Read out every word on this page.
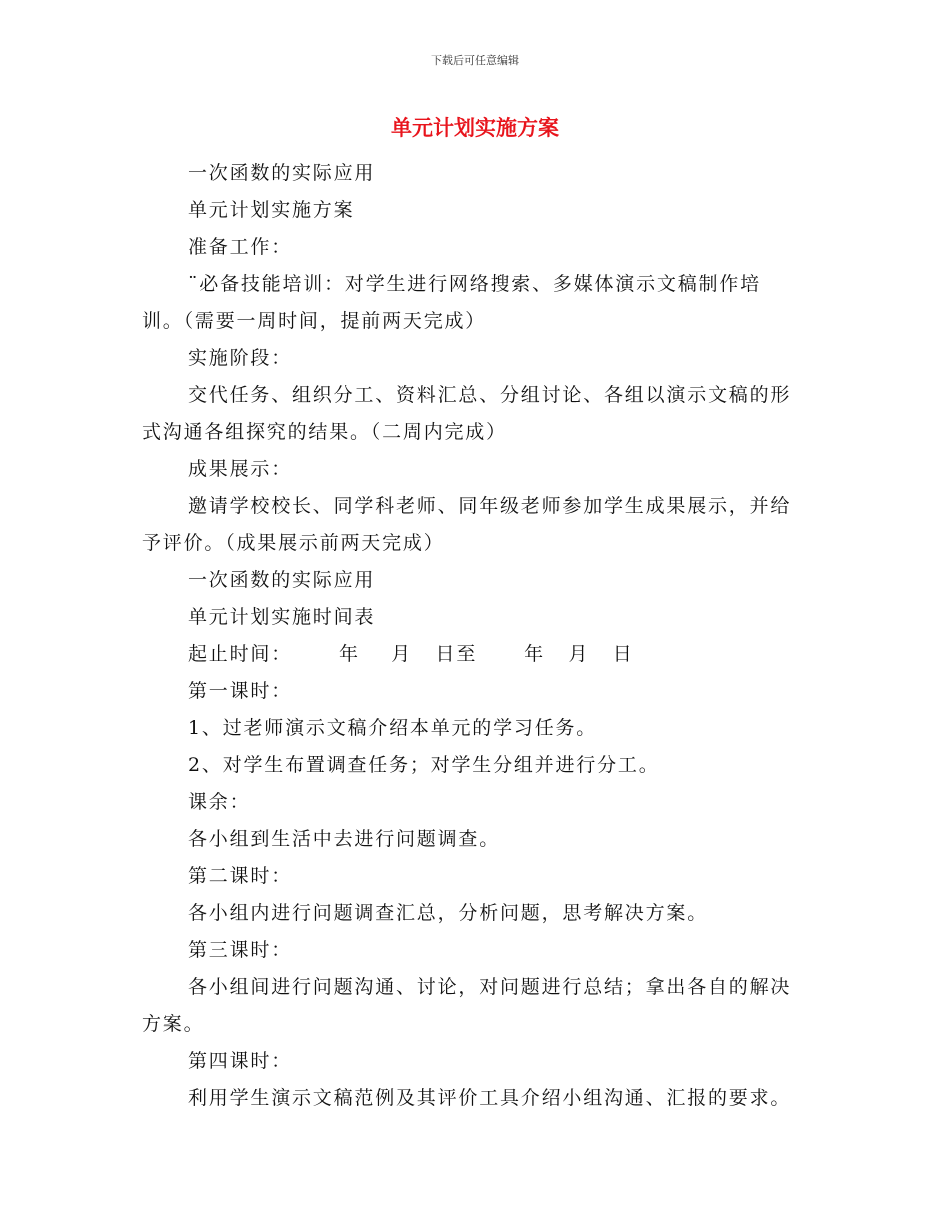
下载后可任意编辑
单元计划实施方案

一次函数的实际应用

单元计划实施方案

准备工作：

¨必备技能培训：对学生进行网络搜索、多媒体演示文稿制作培训。（需要一周时间，提前两天完成）

实施阶段：

交代任务、组织分工、资料汇总、分组讨论、各组以演示文稿的形式沟通各组探究的结果。（二周内完成）

成果展示：

邀请学校校长、同学科老师、同年级老师参加学生成果展示，并给予评价。（成果展示前两天完成）

一次函数的实际应用

单元计划实施时间表

起止时间：      年    月   日至      年   月   日

第一课时：

1、过老师演示文稿介绍本单元的学习任务。

2、对学生布置调查任务；对学生分组并进行分工。

课余：

各小组到生活中去进行问题调查。

第二课时：

各小组内进行问题调查汇总，分析问题，思考解决方案。

第三课时：

各小组间进行问题沟通、讨论，对问题进行总结；拿出各自的解决方案。

第四课时：

利用学生演示文稿范例及其评价工具介绍小组沟通、汇报的要求。
